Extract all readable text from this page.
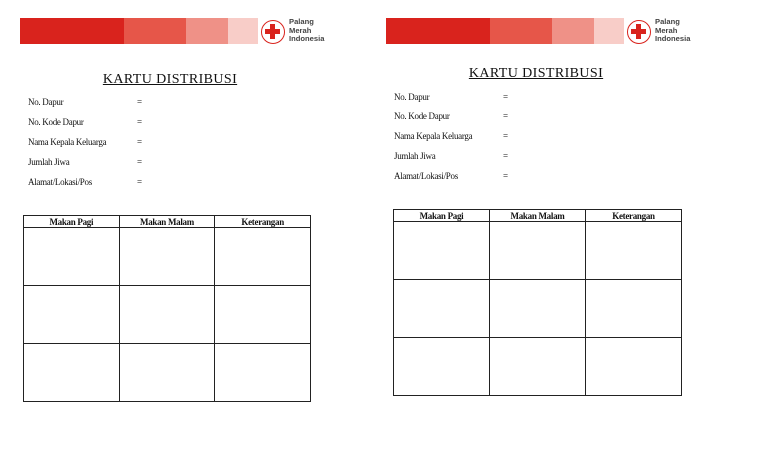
Palang
Merah
Indonesia
KARTU DISTRIBUSI
No. Dapur	=
No. Kode Dapur	=
Nama Kepala Keluarga	=
Jumlah Jiwa	=
Alamat/Lokasi/Pos	=
Makan Pagi	Makan Malam	Keterangan

Palang
Merah
Indonesia
KARTU DISTRIBUSI
No. Dapur	=
No. Kode Dapur	=
Nama Kepala Keluarga	=
Jumlah Jiwa	=
Alamat/Lokasi/Pos	=
Makan Pagi	Makan Malam	Keterangan
